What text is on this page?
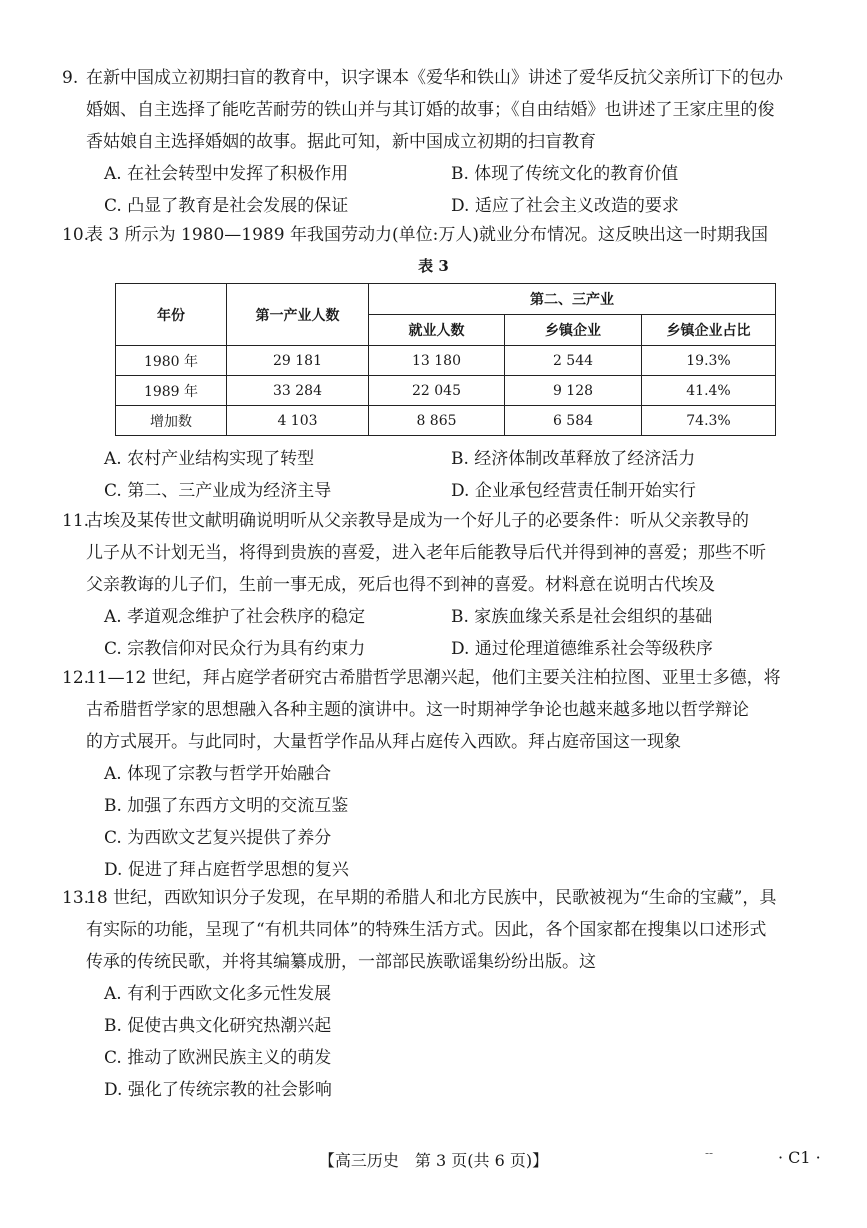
9. 在新中国成立初期扫盲的教育中，识字课本《爱华和铁山》讲述了爱华反抗父亲所订下的包办

婚姻、自主选择了能吃苦耐劳的铁山并与其订婚的故事；《自由结婚》也讲述了王家庄里的俊

香姑娘自主选择婚姻的故事。据此可知，新中国成立初期的扫盲教育

A. 在社会转型中发挥了积极作用	B. 体现了传统文化的教育价值
C. 凸显了教育是社会发展的保证	D. 适应了社会主义改造的要求
10.

表 3 所示为 1980—1989 年我国劳动力(单位:万人)就业分布情况。这反映出这一时期我国

表 3
年份	第一产业人数	第二、三产业		
		就业人数	乡镇企业	乡镇企业占比
1980 年	29 181	13 180	2 544	19.3%
1989 年	33 284	22 045	9 128	41.4%
增加数	4 103	8 865	6 584	74.3%
A. 农村产业结构实现了转型	B. 经济体制改革释放了经济活力
C. 第二、三产业成为经济主导	D. 企业承包经营责任制开始实行
11.

古埃及某传世文献明确说明听从父亲教导是成为一个好儿子的必要条件：听从父亲教导的

儿子从不计划无当，将得到贵族的喜爱，进入老年后能教导后代并得到神的喜爱；那些不听

父亲教诲的儿子们，生前一事无成，死后也得不到神的喜爱。材料意在说明古代埃及

A. 孝道观念维护了社会秩序的稳定	B. 家族血缘关系是社会组织的基础
C. 宗教信仰对民众行为具有约束力	D. 通过伦理道德维系社会等级秩序
12.

11—12 世纪，拜占庭学者研究古希腊哲学思潮兴起，他们主要关注柏拉图、亚里士多德，将

古希腊哲学家的思想融入各种主题的演讲中。这一时期神学争论也越来越多地以哲学辩论

的方式展开。与此同时，大量哲学作品从拜占庭传入西欧。拜占庭帝国这一现象

A. 体现了宗教与哲学开始融合
B. 加强了东西方文明的交流互鉴
C. 为西欧文艺复兴提供了养分
D. 促进了拜占庭哲学思想的复兴
13.

18 世纪，西欧知识分子发现，在早期的希腊人和北方民族中，民歌被视为“生命的宝藏”，具

有实际的功能，呈现了“有机共同体”的特殊生活方式。因此，各个国家都在搜集以口述形式

传承的传统民歌，并将其编纂成册，一部部民族歌谣集纷纷出版。这

A. 有利于西欧文化多元性发展
B. 促使古典文化研究热潮兴起
C. 推动了欧洲民族主义的萌发
D. 强化了传统宗教的社会影响
【高三历史　第 3 页(共 6 页)】	--	· C1 ·
